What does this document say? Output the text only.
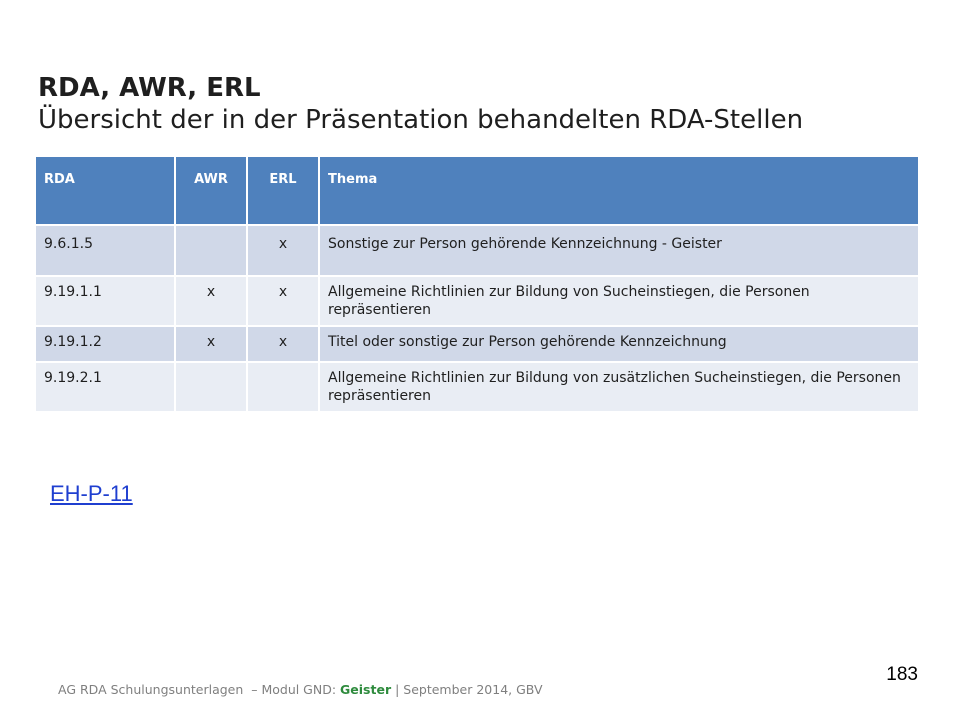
RDA, AWR, ERL
Übersicht der in der Präsentation behandelten RDA-Stellen
RDA	AWR	ERL	Thema
9.6.1.5		x	Sonstige zur Person gehörende Kennzeichnung - Geister
9.19.1.1	x	x	Allgemeine Richtlinien zur Bildung von Sucheinstiegen, die Personen repräsentieren
9.19.1.2	x	x	Titel oder sonstige zur Person gehörende Kennzeichnung
9.19.2.1			Allgemeine Richtlinien zur Bildung von zusätzlichen Sucheinstiegen, die Personen repräsentieren
EH-P-11
AG RDA Schulungsunterlagen  – Modul GND: Geister | September 2014, GBV
183
